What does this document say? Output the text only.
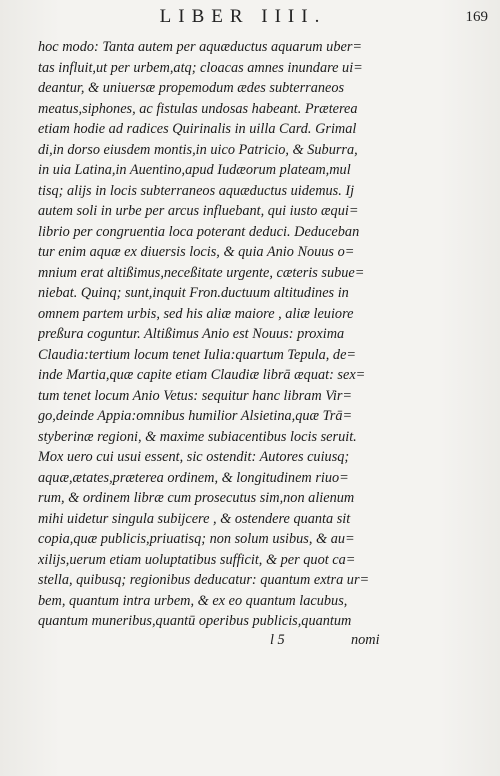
LIBER IIII.	169
hoc modo: Tanta autem per aquæductus aquarum uber=
tas influit,ut per urbem,atq; cloacas amnes inundare ui=
deantur, & uniuersæ propemodum ædes subterraneos
meatus,siphones, ac fistulas undosas habeant. Præterea
etiam hodie ad radices Quirinalis in uilla Card. Grimal
di,in dorso eiusdem montis,in uico Patricio, & Suburra,
in uia Latina,in Auentino,apud Iudæorum plateam,mul
tisq; alijs in locis subterraneos aquæductus uidemus. Ij
autem soli in urbe per arcus influebant, qui iusto æqui=
librio per congruentia loca poterant deduci. Deduceban
tur enim aquæ ex diuersis locis, & quia Anio Nouus o=
mnium erat altißimus,neceßitate urgente, cæteris subue=
niebat. Quinq; sunt,inquit Fron.ductuum altitudines in
omnem partem urbis, sed his aliæ maiore , aliæ leuiore
preßura coguntur. Altißimus Anio est Nouus: proxima
Claudia:tertium locum tenet Iulia:quartum Tepula, de=
inde Martia,quæ capite etiam Claudiæ librā æquat: sex=
tum tenet locum Anio Vetus: sequitur hanc libram Vir=
go,deinde Appia:omnibus humilior Alsietina,quæ Trā=
styberinæ regioni, & maxime subiacentibus locis seruit.
Mox uero cui usui essent, sic ostendit: Autores cuiusq;
aquæ,ætates,præterea ordinem, & longitudinem riuo=
rum, & ordinem libræ cum prosecutus sim,non alienum
mihi uidetur singula subijcere , & ostendere quanta sit
copia,quæ publicis,priuatisq; non solum usibus, & au=
xilijs,uerum etiam uoluptatibus sufficit, & per quot ca=
stella, quibusq; regionibus deducatur: quantum extra ur=
bem, quantum intra urbem, & ex eo quantum lacubus,
quantum muneribus,quantū operibus publicis,quantum
l 5	nomi
